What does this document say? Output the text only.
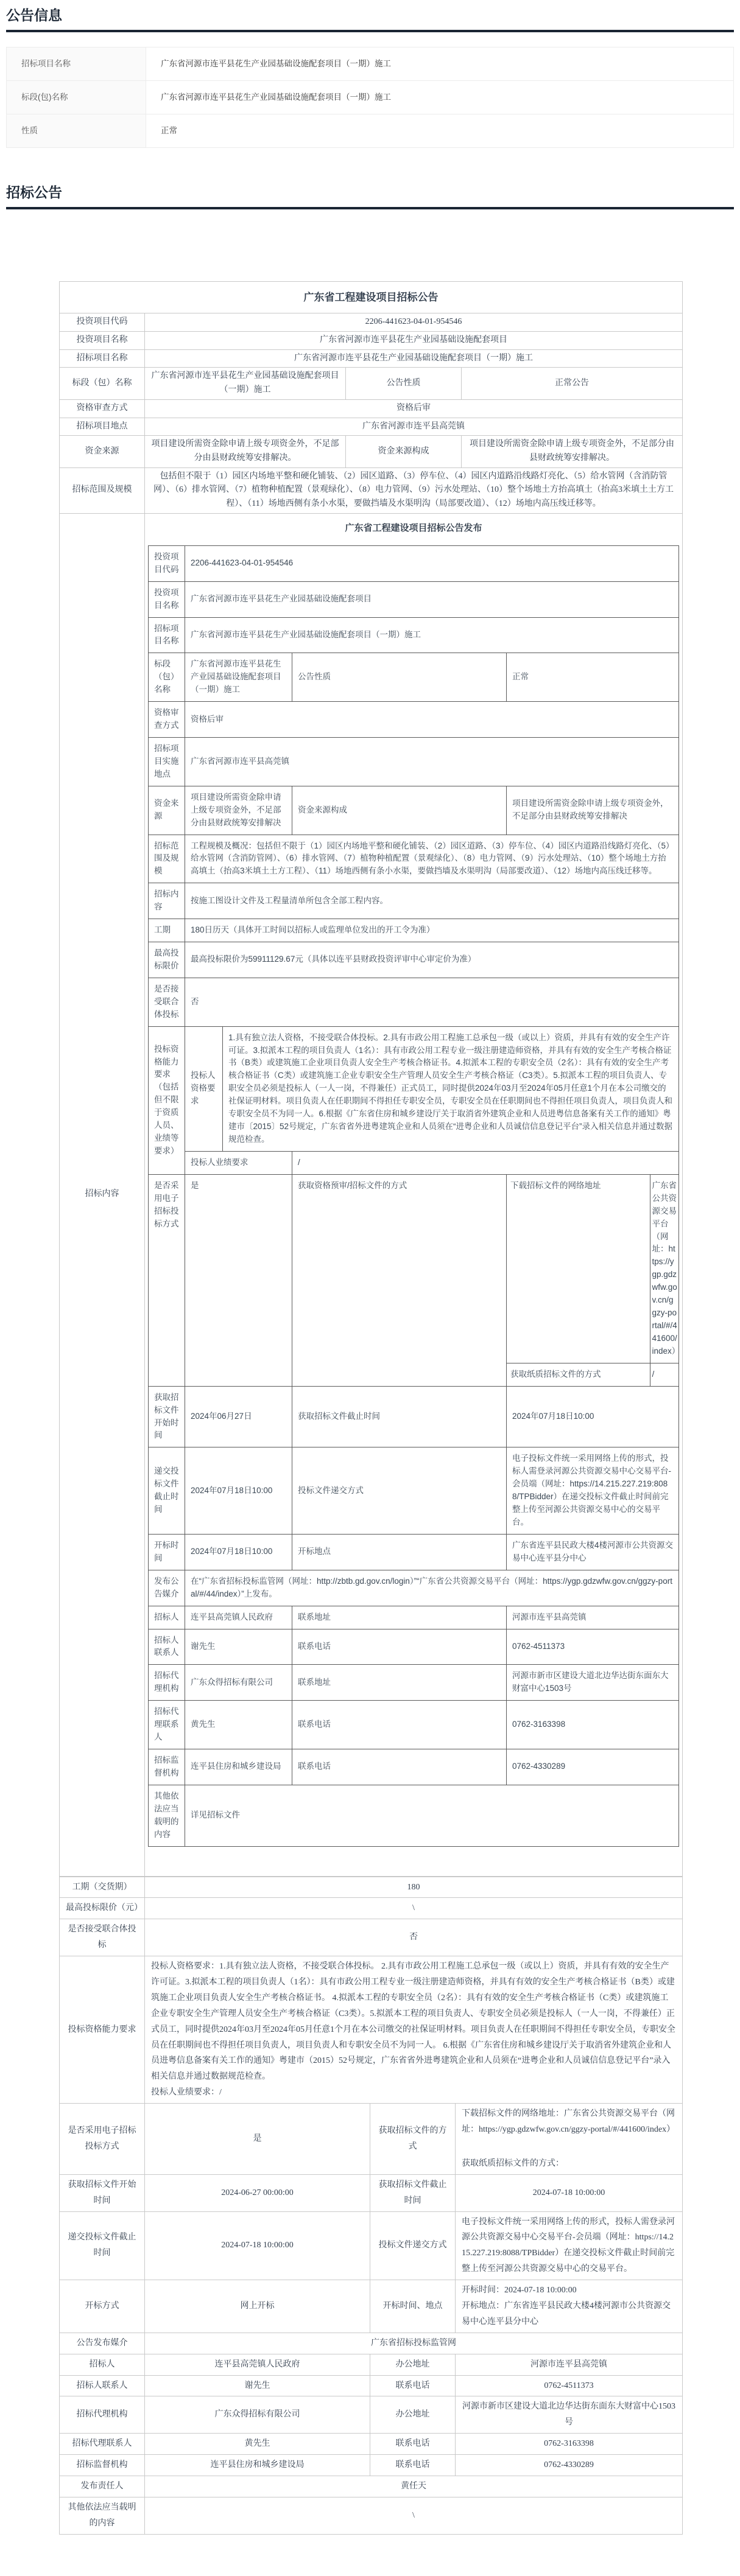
公告信息
招标项目名称	广东省河源市连平县花生产业园基础设施配套项目（一期）施工
标段(包)名称	广东省河源市连平县花生产业园基础设施配套项目（一期）施工
性质	正常
招标公告
广东省工程建设项目招标公告
投资项目代码	2206-441623-04-01-954546
投资项目名称	广东省河源市连平县花生产业园基础设施配套项目
招标项目名称	广东省河源市连平县花生产业园基础设施配套项目（一期）施工
标段（包）名称	广东省河源市连平县花生产业园基础设施配套项目（一期）施工	公告性质	正常公告
资格审查方式	资格后审
招标项目地点	广东省河源市连平县高莞镇
资金来源	项目建设所需资金除申请上级专项资金外，不足部分由县财政统筹安排解决。	资金来源构成	项目建设所需资金除申请上级专项资金外，不足部分由县财政统筹安排解决。
招标范围及规模	包括但不限于（1）园区内场地平整和硬化铺装、（2）园区道路、（3）停车位、（4）园区内道路沿线路灯亮化、（5）给水管网（含消防管网）、（6）排水管网、（7）植物种植配置（景观绿化）、（8）电力管网、（9）污水处理站、（10）整个场地土方抬高填土（抬高3米填土土方工程）、（11）场地西侧有条小水渠，要做挡墙及水渠明沟（局部要改道）、（12）场地内高压线迁移等。
招标内容	
广东省工程建设项目招标公告发布
投资项目代码	2206-441623-04-01-954546
投资项目名称	广东省河源市连平县花生产业园基础设施配套项目
招标项目名称	广东省河源市连平县花生产业园基础设施配套项目（一期）施工
标段（包）名称	广东省河源市连平县花生产业园基础设施配套项目（一期）施工	公告性质	正常
资格审查方式	资格后审
招标项目实施地点	广东省河源市连平县高莞镇
资金来源	项目建设所需资金除申请上级专项资金外，不足部分由县财政统筹安排解决	资金来源构成	项目建设所需资金除申请上级专项资金外，不足部分由县财政统筹安排解决
招标范围及规模	工程规模及概况：包括但不限于（1）园区内场地平整和硬化铺装、（2）园区道路、（3）停车位、（4）园区内道路沿线路灯亮化、（5）给水管网（含消防管网）、（6）排水管网、（7）植物种植配置（景观绿化）、（8）电力管网、（9）污水处理站、（10）整个场地土方抬高填土（抬高3米填土土方工程）、（11）场地西侧有条小水渠，要做挡墙及水渠明沟（局部要改道）、（12）场地内高压线迁移等。
招标内容	按施工图设计文件及工程量清单所包含全部工程内容。
工期	180日历天（具体开工时间以招标人或监理单位发出的开工令为准）
最高投标限价	最高投标限价为59911129.67元（具体以连平县财政投资评审中心审定价为准）
是否接受联合体投标	否
投标资格能力要求（包括但不限于资质人员、业绩等要求）	投标人资格要求	1.具有独立法人资格，不接受联合体投标。2.具有市政公用工程施工总承包一级（或以上）资质，并具有有效的安全生产许可证。3.拟派本工程的项目负责人（1名）：具有市政公用工程专业一级注册建造师资格，并具有有效的安全生产考核合格证书（B类）或建筑施工企业项目负责人安全生产考核合格证书。4.拟派本工程的专职安全员（2名）：具有有效的安全生产考核合格证书（C类）或建筑施工企业专职安全生产管理人员安全生产考核合格证（C3类）。5.拟派本工程的项目负责人、专职安全员必须是投标人（一人一岗，不得兼任）正式员工，同时提供2024年03月至2024年05月任意1个月在本公司缴交的社保证明材料。项目负责人在任职期间不得担任专职安全员，专职安全员在任职期间也不得担任项目负责人，项目负责人和专职安全员不为同一人。6.根据《广东省住房和城乡建设厅关于取消省外建筑企业和人员进粤信息备案有关工作的通知》粤建市〔2015〕52号规定，广东省省外进粤建筑企业和人员须在“进粤企业和人员诚信信息登记平台”录入相关信息并通过数据规范检查。
投标人业绩要求	/
是否采用电子招标投标方式	是	获取资格预审/招标文件的方式		下载招标文件的网络地址	广东省公共资源交易平台（网址：https://ygp.gdzwfw.gov.cn/ggzy-portal/#/441600/index）
获取纸质招标文件的方式	/

获取招标文件开始时间	2024年06月27日	获取招标文件截止时间	2024年07月18日10:00
递交投标文件截止时间	2024年07月18日10:00	投标文件递交方式	电子投标文件统一采用网络上传的形式，投标人需登录河源公共资源交易中心交易平台-会员端（网址：https://14.215.227.219:8088/TPBidder）在递交投标文件截止时间前完整上传至河源公共资源交易中心的交易平台。
开标时间	2024年07月18日10:00	开标地点	广东省连平县民政大楼4楼河源市公共资源交易中心连平县分中心
发布公告媒介	在“广东省招标投标监管网（网址：http://zbtb.gd.gov.cn/login）”“广东省公共资源交易平台（网址：https://ygp.gdzwfw.gov.cn/ggzy-portal/#/44/index）”上发布。
招标人	连平县高莞镇人民政府	联系地址	河源市连平县高莞镇
招标人联系人	谢先生	联系电话	0762-4511373
招标代理机构	广东众得招标有限公司	联系地址	河源市新市区建设大道北边华达街东面东大财富中心1503号
招标代理联系人	黄先生	联系电话	0762-3163398
招标监督机构	连平县住房和城乡建设局	联系电话	0762-4330289
其他依法应当载明的内容	详见招标文件
工期（交货期）	180		
最高投标限价（元）	\		
是否接受联合体投标	否		
投标资格能力要求	投标人资格要求：1.具有独立法人资格，不接受联合体投标。 2.具有市政公用工程施工总承包一级（或以上）资质，并具有有效的安全生产许可证。3.拟派本工程的项目负责人（1名）：具有市政公用工程专业一级注册建造师资格，并具有有效的安全生产考核合格证书（B类）或建筑施工企业项目负责人安全生产考核合格证书。 4.拟派本工程的专职安全员（2名）：具有有效的安全生产考核合格证书（C类）或建筑施工企业专职安全生产管理人员安全生产考核合格证（C3类）。5.拟派本工程的项目负责人、专职安全员必须是投标人（一人一岗，不得兼任）正式员工，同时提供2024年03月至2024年05月任意1个月在本公司缴交的社保证明材料。项目负责人在任职期间不得担任专职安全员，专职安全员在任职期间也不得担任项目负责人，项目负责人和专职安全员不为同一人。 6.根据《广东省住房和城乡建设厅关于取消省外建筑企业和人员进粤信息备案有关工作的通知》粤建市（2015）52号规定，广东省省外进粤建筑企业和人员须在“进粤企业和人员诚信信息登记平台”录入相关信息并通过数据规范检查。
投标人业绩要求：/		

是否采用电子招标投标方式	是	获取招标文件的方式	下载招标文件的网络地址：广东省公共资源交易平台（网址：https://ygp.gdzwfw.gov.cn/ggzy-portal/#/441600/index）
获取纸质招标文件的方式：

获取招标文件开始时间	2024-06-27 00:00:00	获取招标文件截止时间	2024-07-18 10:00:00
递交投标文件截止时间	2024-07-18 10:00:00	投标文件递交方式	电子投标文件统一采用网络上传的形式，投标人需登录河源公共资源交易中心交易平台-会员端（网址：https://14.215.227.219:8088/TPBidder）在递交投标文件截止时间前完整上传至河源公共资源交易中心的交易平台。
开标方式	网上开标	开标时间、地点	开标时间：2024-07-18 10:00:00
开标地点：广东省连平县民政大楼4楼河源市公共资源交易中心连平县分中心

公告发布媒介	广东省招标投标监管网		
招标人	连平县高莞镇人民政府	办公地址	河源市连平县高莞镇
招标人联系人	谢先生	联系电话	0762-4511373
招标代理机构	广东众得招标有限公司	办公地址	河源市新市区建设大道北边华达街东面东大财富中心1503号
招标代理联系人	黄先生	联系电话	0762-3163398
招标监督机构	连平县住房和城乡建设局	联系电话	0762-4330289
发布责任人	黄任天		
其他依法应当载明的内容	\		
